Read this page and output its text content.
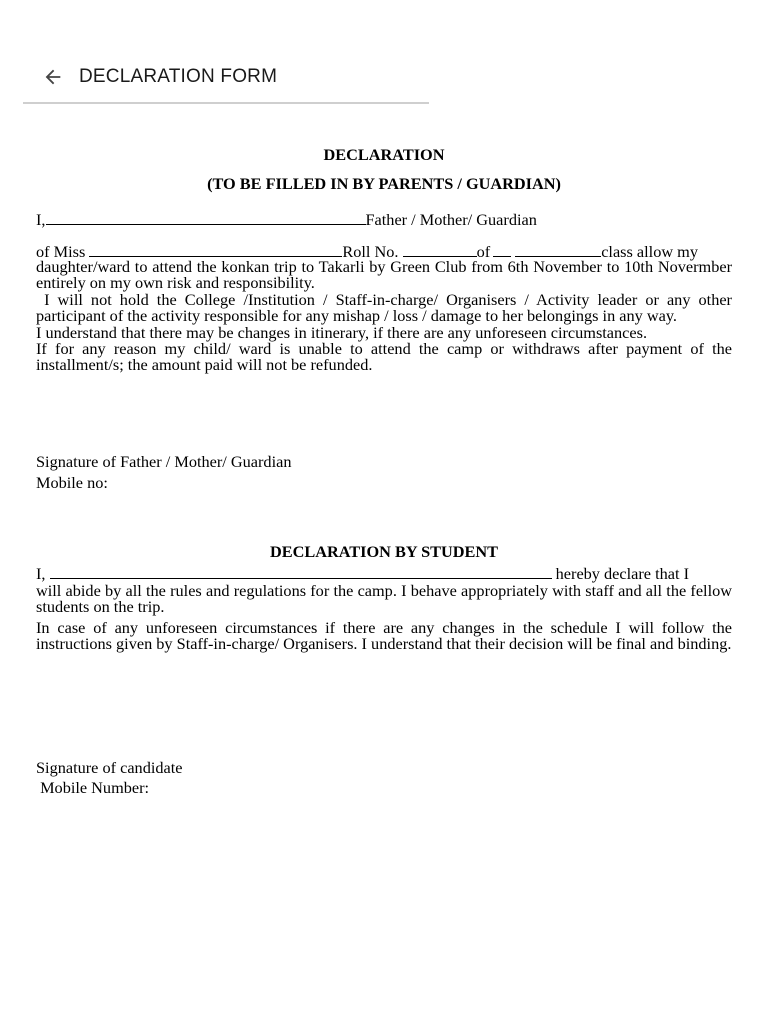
DECLARATION FORM
DECLARATION
(TO BE FILLED IN BY PARENTS / GUARDIAN)
I,	Father / Mother/ Guardian
of Miss	Roll No.	of	class allow my

daughter/ward to attend the konkan trip to Takarli by Green Club from 6th November to 10th Novermber entirely on my own risk and responsibility.

I will not hold the College /Institution / Staff-in-charge/ Organisers / Activity leader or any other participant of the activity responsible for any mishap / loss / damage to her belongings in any way.

I understand that there may be changes in itinerary, if there are any unforeseen circumstances.

If for any reason my child/ ward is unable to attend the camp or withdraws after payment of the installment/s; the amount paid will not be refunded.

Signature of Father / Mother/ Guardian
Mobile no:
DECLARATION BY STUDENT
I,	hereby declare that I

will abide by all the rules and regulations for the camp. I behave appropriately with staff and all the fellow students on the trip.

In case of any unforeseen circumstances if there are any changes in the schedule I will follow the instructions given by Staff-in-charge/ Organisers. I understand that their decision will be final and binding.

Signature of candidate
Mobile Number:
